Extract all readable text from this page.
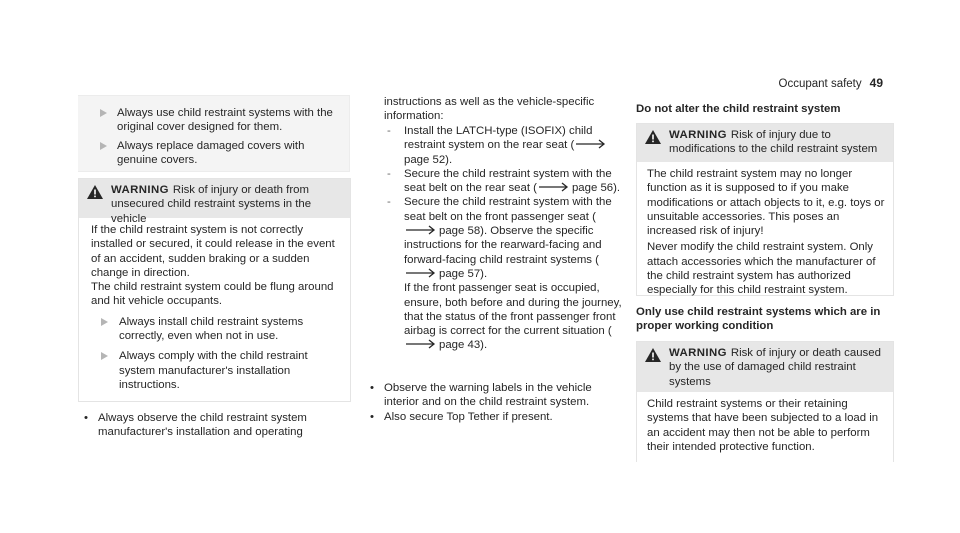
Occupant safety 49
Always use child restraint systems with the original cover designed for them.
Always replace damaged covers with genuine covers.
WARNING Risk of injury or death from unsecured child restraint systems in the vehicle

If the child restraint system is not correctly installed or secured, it could release in the event of an accident, sudden braking or a sudden change in direction.

The child restraint system could be flung around and hit vehicle occupants.

Always install child restraint systems correctly, even when not in use.
Always comply with the child restraint system manufacturer's installation instructions.
• Always observe the child restraint system manufacturer's installation and operating

instructions as well as the vehicle-specific information:

- Install the LATCH-type (ISOFIX) child restraint system on the rear seat (page 52).
- Secure the child restraint system with the seat belt on the rear seat (	page 56).
- Secure the child restraint system with the seat belt on the front passenger seat (page 58). Observe the specific instructions for the rearward-facing and forward-facing child restraint systems (page 57).
If the front passenger seat is occupied, ensure, both before and during the journey, that the status of the front passenger front airbag is correct for the current situation (page 43).
• Observe the warning labels in the vehicle interior and on the child restraint system.
• Also secure Top Tether if present.
Do not alter the child restraint system
WARNING Risk of injury due to modifications to the child restraint system

The child restraint system may no longer function as it is supposed to if you make modifications or attach objects to it, e.g. toys or unsuitable accessories. This poses an increased risk of injury!

Never modify the child restraint system. Only attach accessories which the manufacturer of the child restraint system has authorized especially for this child restraint system.

Only use child restraint systems which are in proper working condition
WARNING Risk of injury or death caused by the use of damaged child restraint systems

Child restraint systems or their retaining systems that have been subjected to a load in an accident may then not be able to perform their intended protective function.
